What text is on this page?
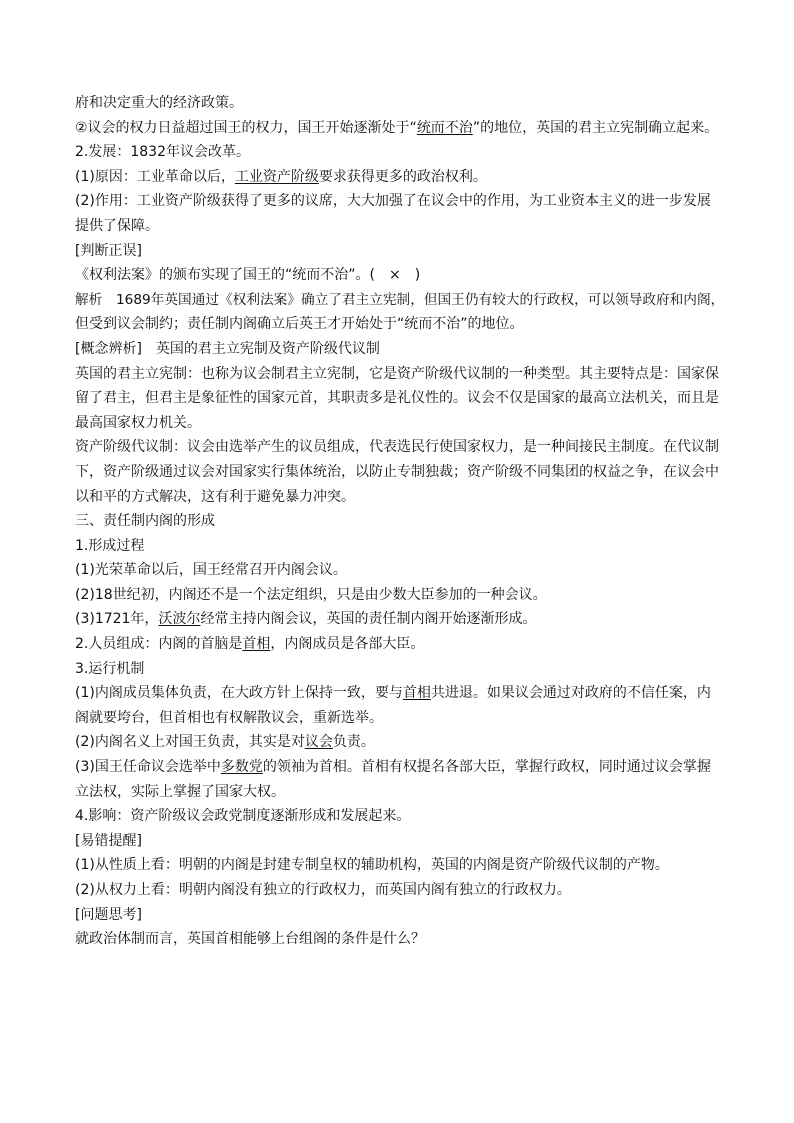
府和决定重大的经济政策。
②议会的权力日益超过国王的权力，国王开始逐渐处于“统而不治”的地位，英国的君主立宪制确立起来。
2.发展：1832年议会改革。
(1)原因：工业革命以后，工业资产阶级要求获得更多的政治权利。
(2)作用：工业资产阶级获得了更多的议席，大大加强了在议会中的作用，为工业资本主义的进一步发展
提供了保障。
[判断正误]
《权利法案》的颁布实现了国王的“统而不治”。(　×　)
解析　1689年英国通过《权利法案》确立了君主立宪制，但国王仍有较大的行政权，可以领导政府和内阁，
但受到议会制约；责任制内阁确立后英王才开始处于“统而不治”的地位。
[概念辨析]　英国的君主立宪制及资产阶级代议制
英国的君主立宪制：也称为议会制君主立宪制，它是资产阶级代议制的一种类型。其主要特点是：国家保
留了君主，但君主是象征性的国家元首，其职责多是礼仪性的。议会不仅是国家的最高立法机关，而且是
最高国家权力机关。
资产阶级代议制：议会由选举产生的议员组成，代表选民行使国家权力，是一种间接民主制度。在代议制
下，资产阶级通过议会对国家实行集体统治，以防止专制独裁；资产阶级不同集团的权益之争，在议会中
以和平的方式解决，这有利于避免暴力冲突。
三、责任制内阁的形成
1.形成过程
(1)光荣革命以后，国王经常召开内阁会议。
(2)18世纪初，内阁还不是一个法定组织，只是由少数大臣参加的一种会议。
(3)1721年，沃波尔经常主持内阁会议，英国的责任制内阁开始逐渐形成。
2.人员组成：内阁的首脑是首相，内阁成员是各部大臣。
3.运行机制
(1)内阁成员集体负责，在大政方针上保持一致，要与首相共进退。如果议会通过对政府的不信任案，内
阁就要垮台，但首相也有权解散议会，重新选举。
(2)内阁名义上对国王负责，其实是对议会负责。
(3)国王任命议会选举中多数党的领袖为首相。首相有权提名各部大臣，掌握行政权，同时通过议会掌握
立法权，实际上掌握了国家大权。
4.影响：资产阶级议会政党制度逐渐形成和发展起来。
[易错提醒]
(1)从性质上看：明朝的内阁是封建专制皇权的辅助机构，英国的内阁是资产阶级代议制的产物。
(2)从权力上看：明朝内阁没有独立的行政权力，而英国内阁有独立的行政权力。
[问题思考]
就政治体制而言，英国首相能够上台组阁的条件是什么？
